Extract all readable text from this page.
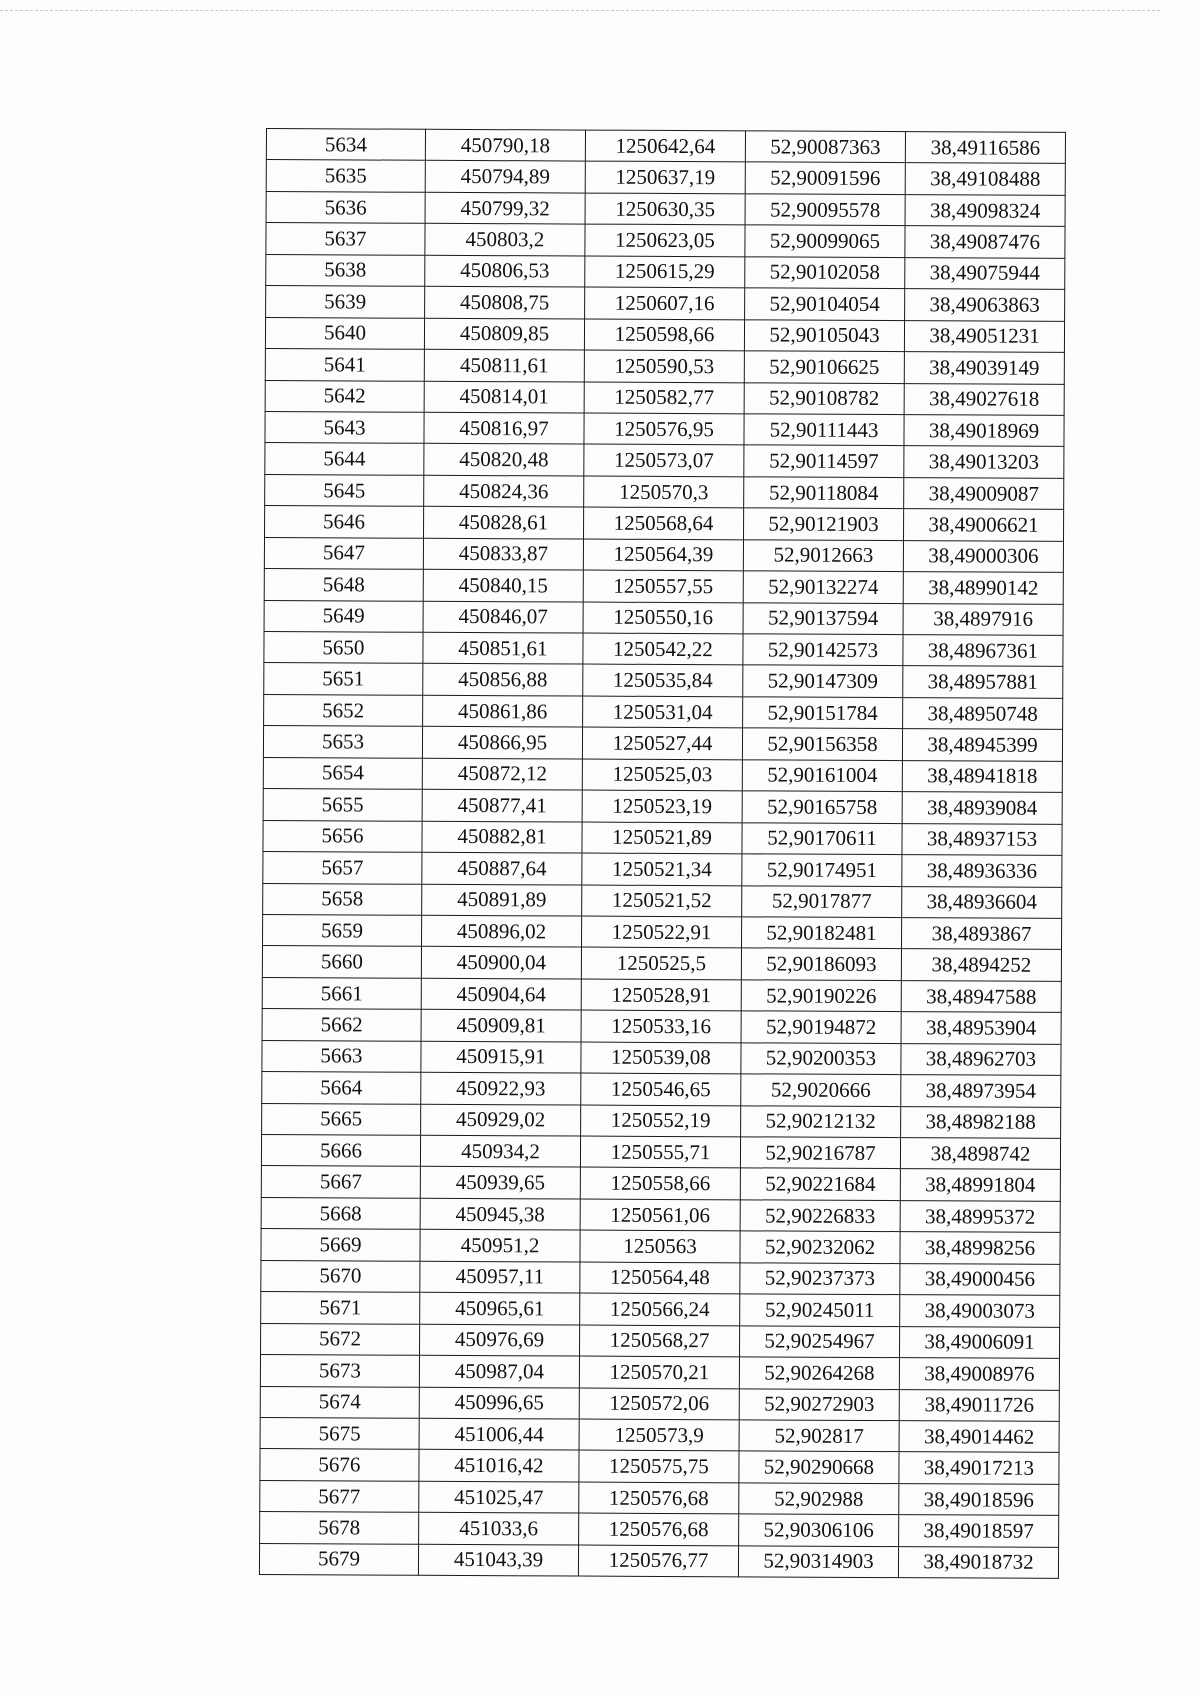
5634	450790,18	1250642,64	52,90087363	38,49116586
5635	450794,89	1250637,19	52,90091596	38,49108488
5636	450799,32	1250630,35	52,90095578	38,49098324
5637	450803,2	1250623,05	52,90099065	38,49087476
5638	450806,53	1250615,29	52,90102058	38,49075944
5639	450808,75	1250607,16	52,90104054	38,49063863
5640	450809,85	1250598,66	52,90105043	38,49051231
5641	450811,61	1250590,53	52,90106625	38,49039149
5642	450814,01	1250582,77	52,90108782	38,49027618
5643	450816,97	1250576,95	52,90111443	38,49018969
5644	450820,48	1250573,07	52,90114597	38,49013203
5645	450824,36	1250570,3	52,90118084	38,49009087
5646	450828,61	1250568,64	52,90121903	38,49006621
5647	450833,87	1250564,39	52,9012663	38,49000306
5648	450840,15	1250557,55	52,90132274	38,48990142
5649	450846,07	1250550,16	52,90137594	38,4897916
5650	450851,61	1250542,22	52,90142573	38,48967361
5651	450856,88	1250535,84	52,90147309	38,48957881
5652	450861,86	1250531,04	52,90151784	38,48950748
5653	450866,95	1250527,44	52,90156358	38,48945399
5654	450872,12	1250525,03	52,90161004	38,48941818
5655	450877,41	1250523,19	52,90165758	38,48939084
5656	450882,81	1250521,89	52,90170611	38,48937153
5657	450887,64	1250521,34	52,90174951	38,48936336
5658	450891,89	1250521,52	52,9017877	38,48936604
5659	450896,02	1250522,91	52,90182481	38,4893867
5660	450900,04	1250525,5	52,90186093	38,4894252
5661	450904,64	1250528,91	52,90190226	38,48947588
5662	450909,81	1250533,16	52,90194872	38,48953904
5663	450915,91	1250539,08	52,90200353	38,48962703
5664	450922,93	1250546,65	52,9020666	38,48973954
5665	450929,02	1250552,19	52,90212132	38,48982188
5666	450934,2	1250555,71	52,90216787	38,4898742
5667	450939,65	1250558,66	52,90221684	38,48991804
5668	450945,38	1250561,06	52,90226833	38,48995372
5669	450951,2	1250563	52,90232062	38,48998256
5670	450957,11	1250564,48	52,90237373	38,49000456
5671	450965,61	1250566,24	52,90245011	38,49003073
5672	450976,69	1250568,27	52,90254967	38,49006091
5673	450987,04	1250570,21	52,90264268	38,49008976
5674	450996,65	1250572,06	52,90272903	38,49011726
5675	451006,44	1250573,9	52,902817	38,49014462
5676	451016,42	1250575,75	52,90290668	38,49017213
5677	451025,47	1250576,68	52,902988	38,49018596
5678	451033,6	1250576,68	52,90306106	38,49018597
5679	451043,39	1250576,77	52,90314903	38,49018732
